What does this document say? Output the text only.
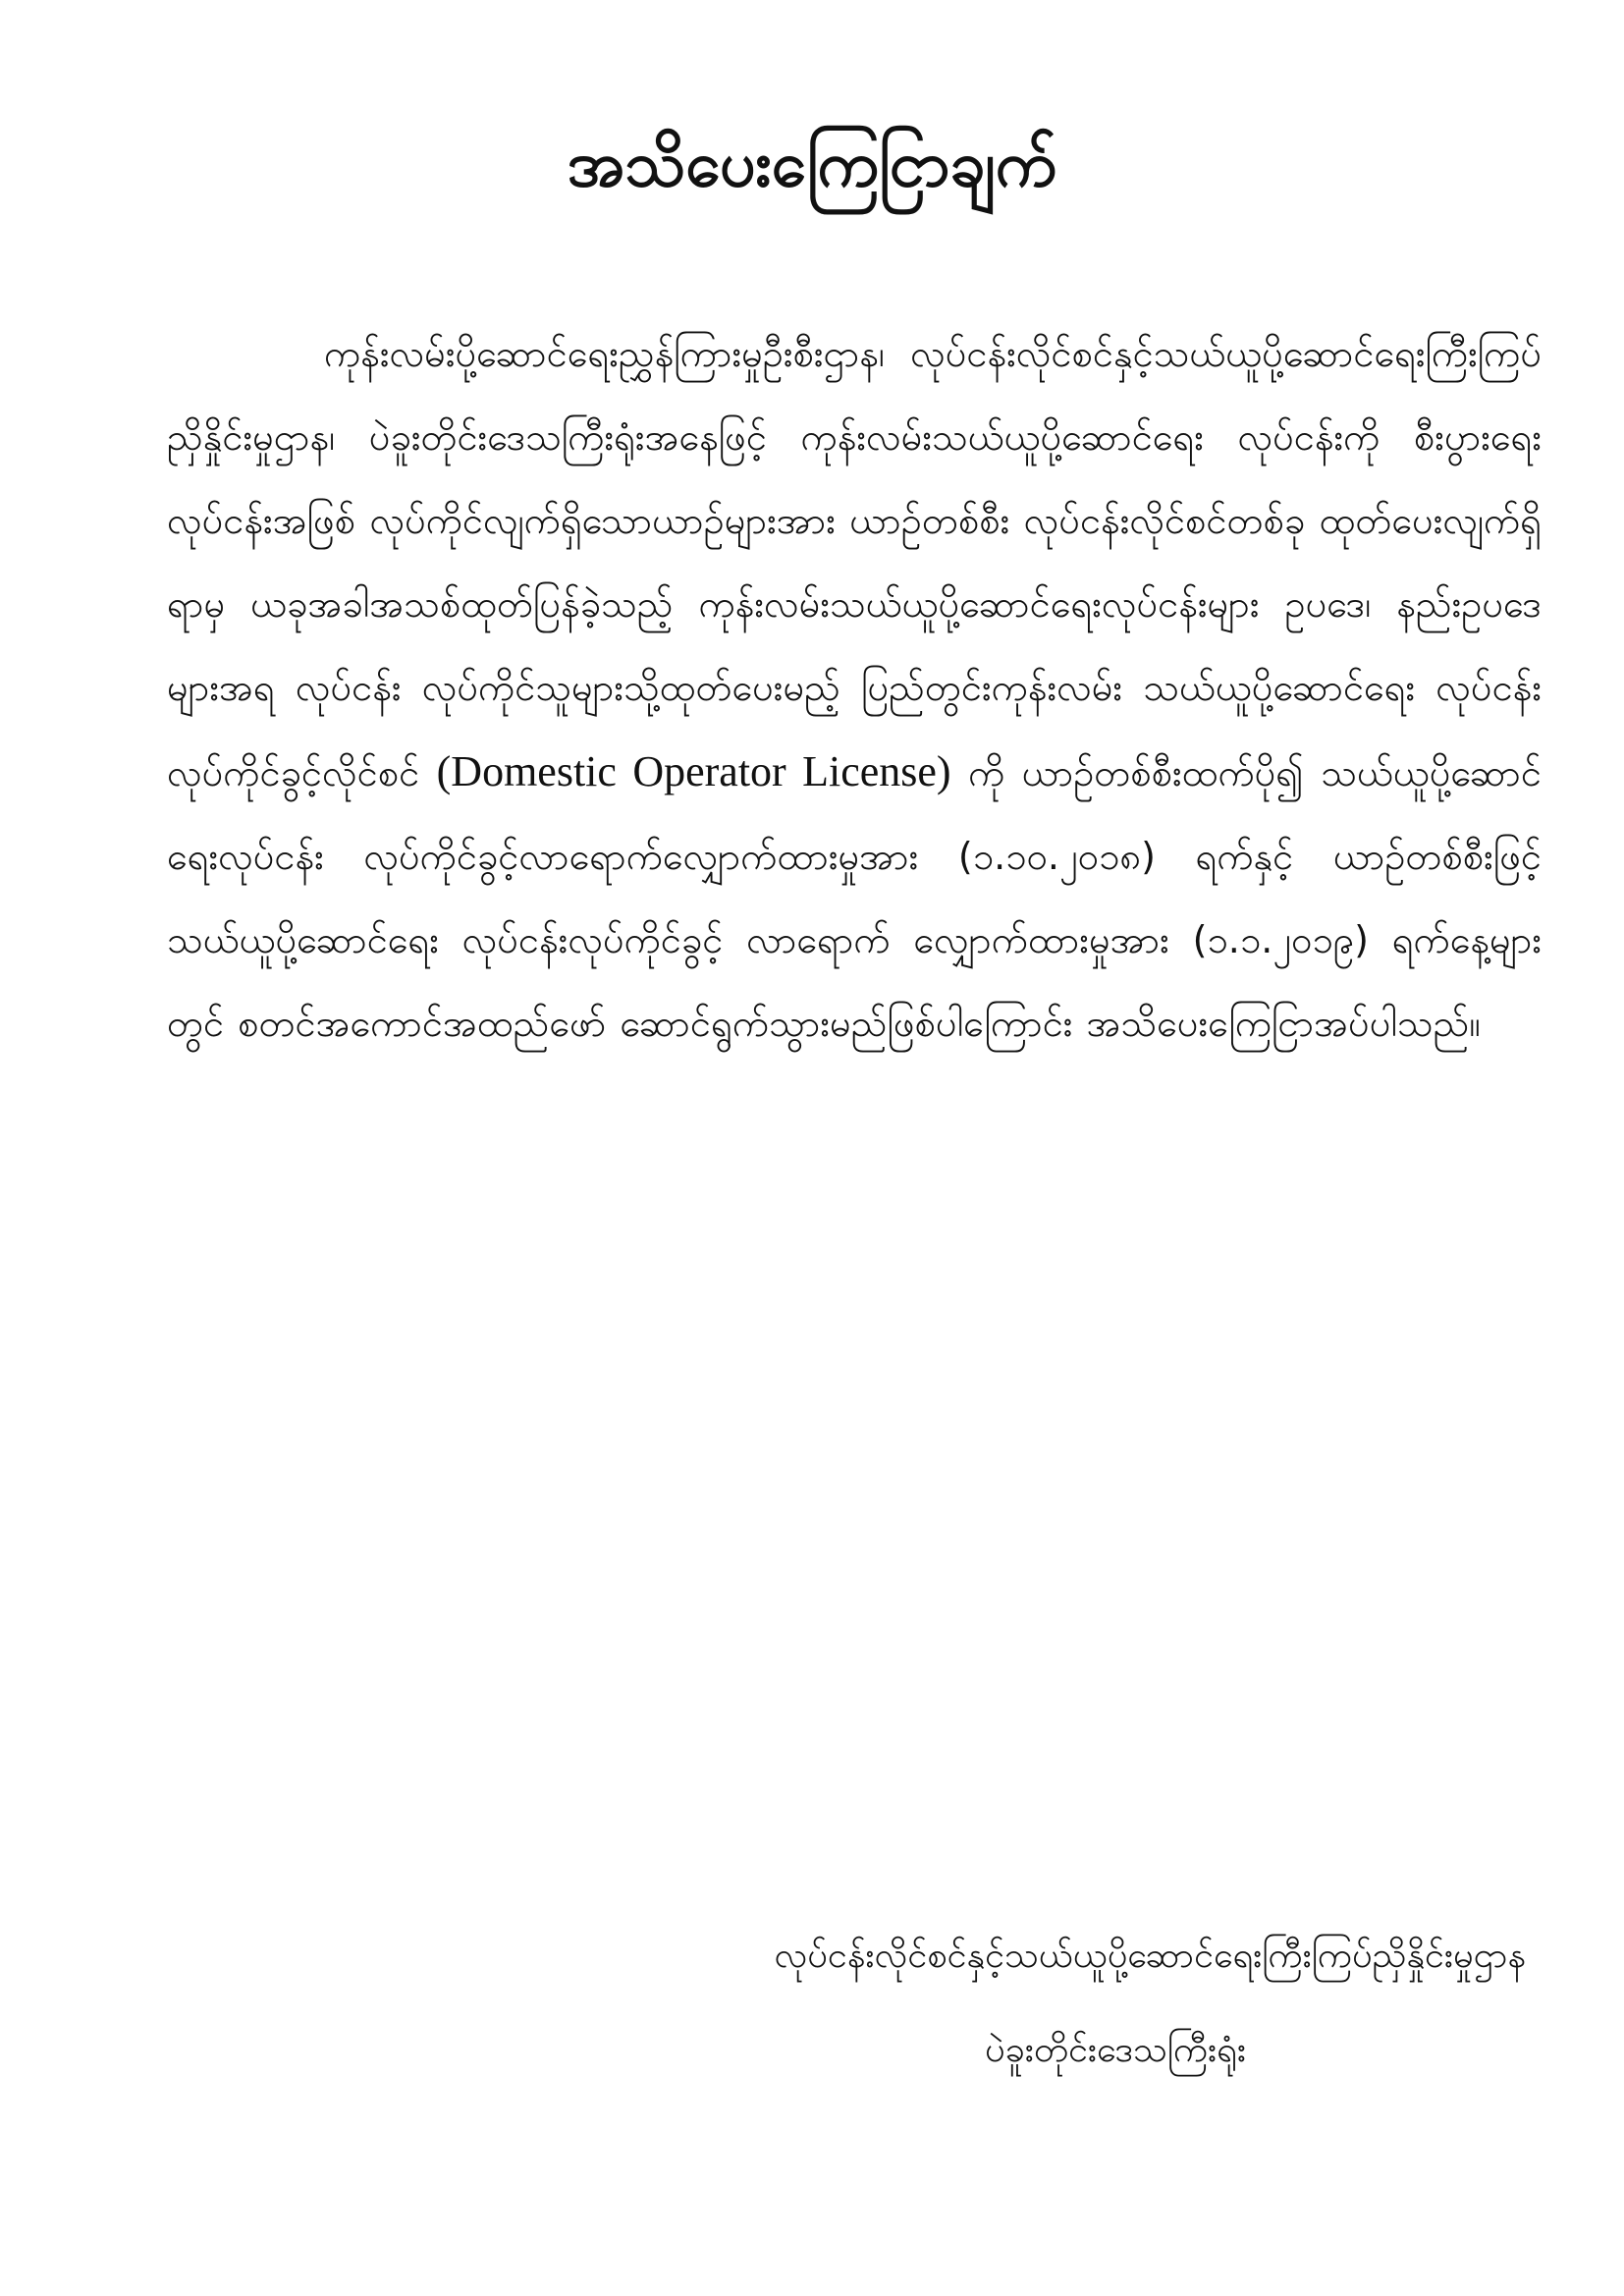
အသိပေးကြေငြာချက်

ကုန်းလမ်းပို့ဆောင်ရေးညွှန်ကြားမှုဦးစီးဌာန၊ လုပ်ငန်းလိုင်စင်နှင့်သယ်ယူပို့ဆောင်ရေးကြီးကြပ်ညှိနှိုင်းမှုဌာန၊ ပဲခူးတိုင်းဒေသကြီးရုံးအနေဖြင့် ကုန်းလမ်းသယ်ယူပို့ဆောင်ရေး လုပ်ငန်းကို စီးပွားရေးလုပ်ငန်းအဖြစ် လုပ်ကိုင်လျက်ရှိသောယာဉ်များအား ယာဉ်တစ်စီး လုပ်ငန်းလိုင်စင်တစ်ခု ထုတ်ပေးလျက်ရှိရာမှ ယခုအခါအသစ်ထုတ်ပြန်ခဲ့သည့် ကုန်းလမ်းသယ်ယူပို့ဆောင်ရေးလုပ်ငန်းများ ဥပဒေ၊ နည်းဥပဒေများအရ လုပ်ငန်း လုပ်ကိုင်သူများသို့ထုတ်ပေးမည့် ပြည်တွင်းကုန်းလမ်း သယ်ယူပို့ဆောင်ရေး လုပ်ငန်းလုပ်ကိုင်ခွင့်လိုင်စင် (Domestic Operator License) ကို ယာဉ်တစ်စီးထက်ပို၍ သယ်ယူပို့ဆောင်ရေးလုပ်ငန်း လုပ်ကိုင်ခွင့်လာရောက်လျှောက်ထားမှုအား (၁.၁၀.၂၀၁၈) ရက်နှင့် ယာဉ်တစ်စီးဖြင့် သယ်ယူပို့ဆောင်ရေး လုပ်ငန်းလုပ်ကိုင်ခွင့် လာရောက် လျှောက်ထားမှုအား (၁.၁.၂၀၁၉) ရက်နေ့များတွင် စတင်အကောင်အထည်ဖော် ဆောင်ရွက်သွားမည်ဖြစ်ပါကြောင်း အသိပေးကြေငြာအပ်ပါသည်။

လုပ်ငန်းလိုင်စင်နှင့်သယ်ယူပို့ဆောင်ရေးကြီးကြပ်ညှိနှိုင်းမှုဌာန

ပဲခူးတိုင်းဒေသကြီးရုံး
